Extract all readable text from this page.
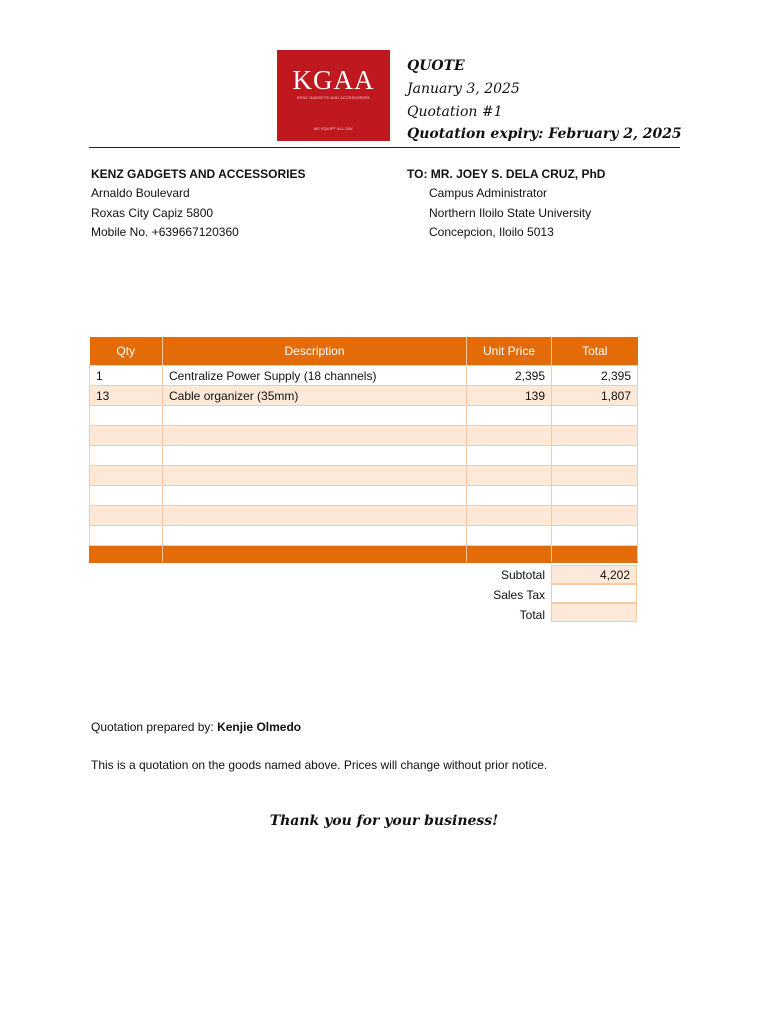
KGAA
KENZ GADGETS AND ACCESSORIES
WE EQUIPT ALL DAY
QUOTE
January 3, 2025
Quotation #1
Quotation expiry: February 2, 2025
KENZ GADGETS AND ACCESSORIES
Arnaldo Boulevard
Roxas City Capiz 5800
Mobile No. +639667120360
TO: MR. JOEY S. DELA CRUZ, PhD
Campus Administrator
Northern Iloilo State University
Concepcion, Iloilo 5013
Qty	Description	Unit Price	Total
1	Centralize Power Supply (18 channels)	2,395	2,395
13	Cable organizer (35mm)	139	1,807

Subtotal	4,202
Sales Tax
Total
Quotation prepared by: Kenjie Olmedo
This is a quotation on the goods named above. Prices will change without prior notice.
Thank you for your business!
